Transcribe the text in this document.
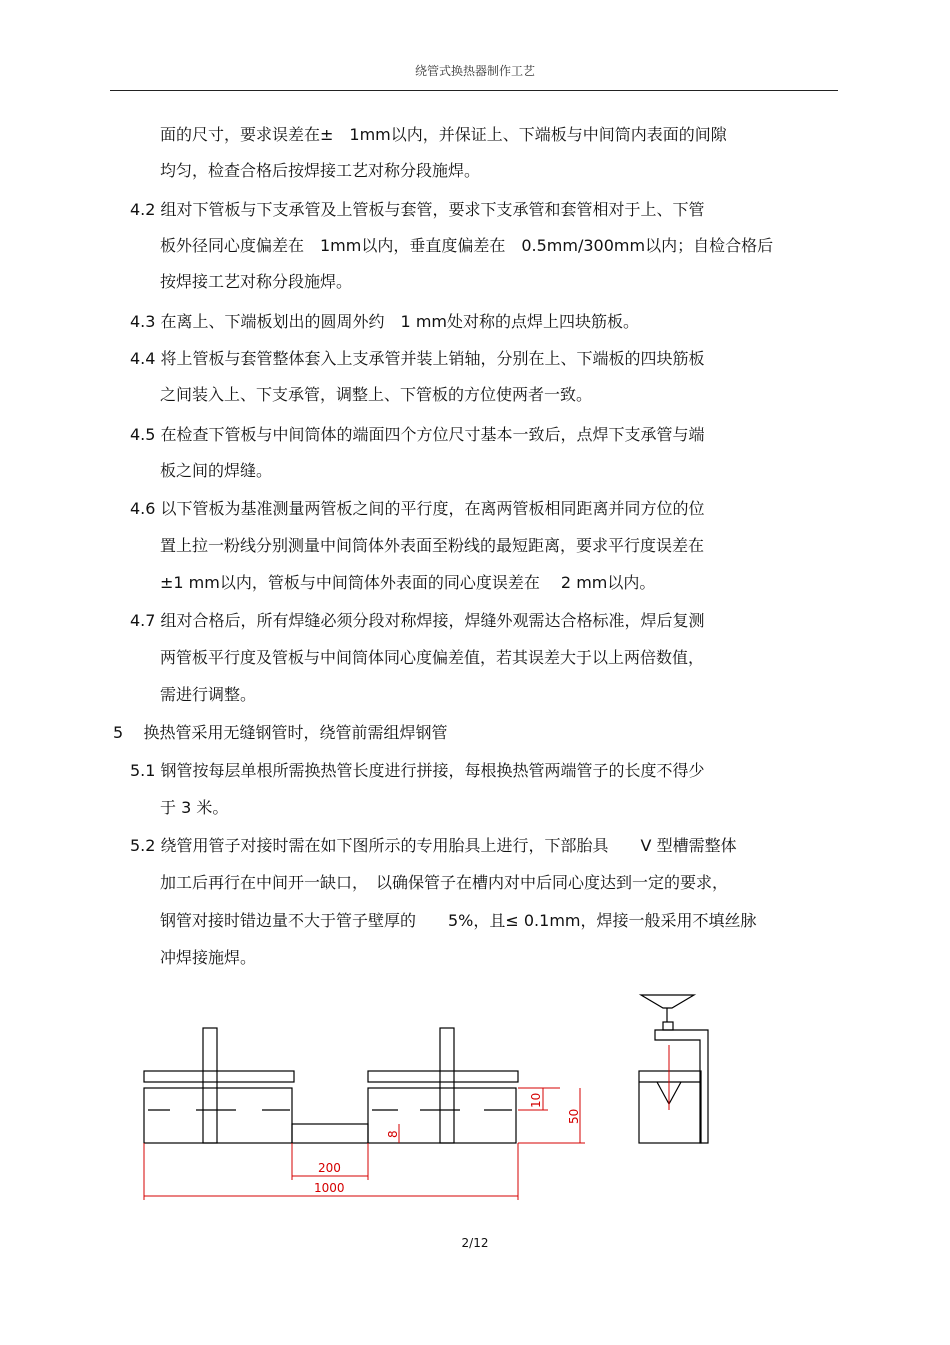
绕管式换热器制作工艺
面的尺寸，要求误差在±　1mm以内，并保证上、下端板与中间筒内表面的间隙
均匀，检查合格后按焊接工艺对称分段施焊。
4.2 组对下管板与下支承管及上管板与套管，要求下支承管和套管相对于上、下管
板外径同心度偏差在　1mm以内，垂直度偏差在　0.5mm/300mm以内；自检合格后
按焊接工艺对称分段施焊。
4.3 在离上、下端板划出的圆周外约　1 mm处对称的点焊上四块筋板。
4.4 将上管板与套管整体套入上支承管并装上销轴，分别在上、下端板的四块筋板
之间装入上、下支承管，调整上、下管板的方位使两者一致。
4.5 在检查下管板与中间筒体的端面四个方位尺寸基本一致后，点焊下支承管与端
板之间的焊缝。
4.6 以下管板为基准测量两管板之间的平行度，在离两管板相同距离并同方位的位
置上拉一粉线分别测量中间筒体外表面至粉线的最短距离，要求平行度误差在
±1 mm以内，管板与中间筒体外表面的同心度误差在　 2 mm以内。
4.7 组对合格后，所有焊缝必须分段对称焊接，焊缝外观需达合格标准，焊后复测
两管板平行度及管板与中间筒体同心度偏差值，若其误差大于以上两倍数值，
需进行调整。
5 换热管采用无缝钢管时，绕管前需组焊钢管
5.1 钢管按每层单根所需换热管长度进行拼接，每根换热管两端管子的长度不得少
于 3 米。
5.2 绕管用管子对接时需在如下图所示的专用胎具上进行，下部胎具　　V 型槽需整体
加工后再行在中间开一缺口，　以确保管子在槽内对中后同心度达到一定的要求，
钢管对接时错边量不大于管子壁厚的　　5%，且≤ 0.1mm，焊接一般采用不填丝脉
冲焊接施焊。
200
1000
8
10
50
2/12
